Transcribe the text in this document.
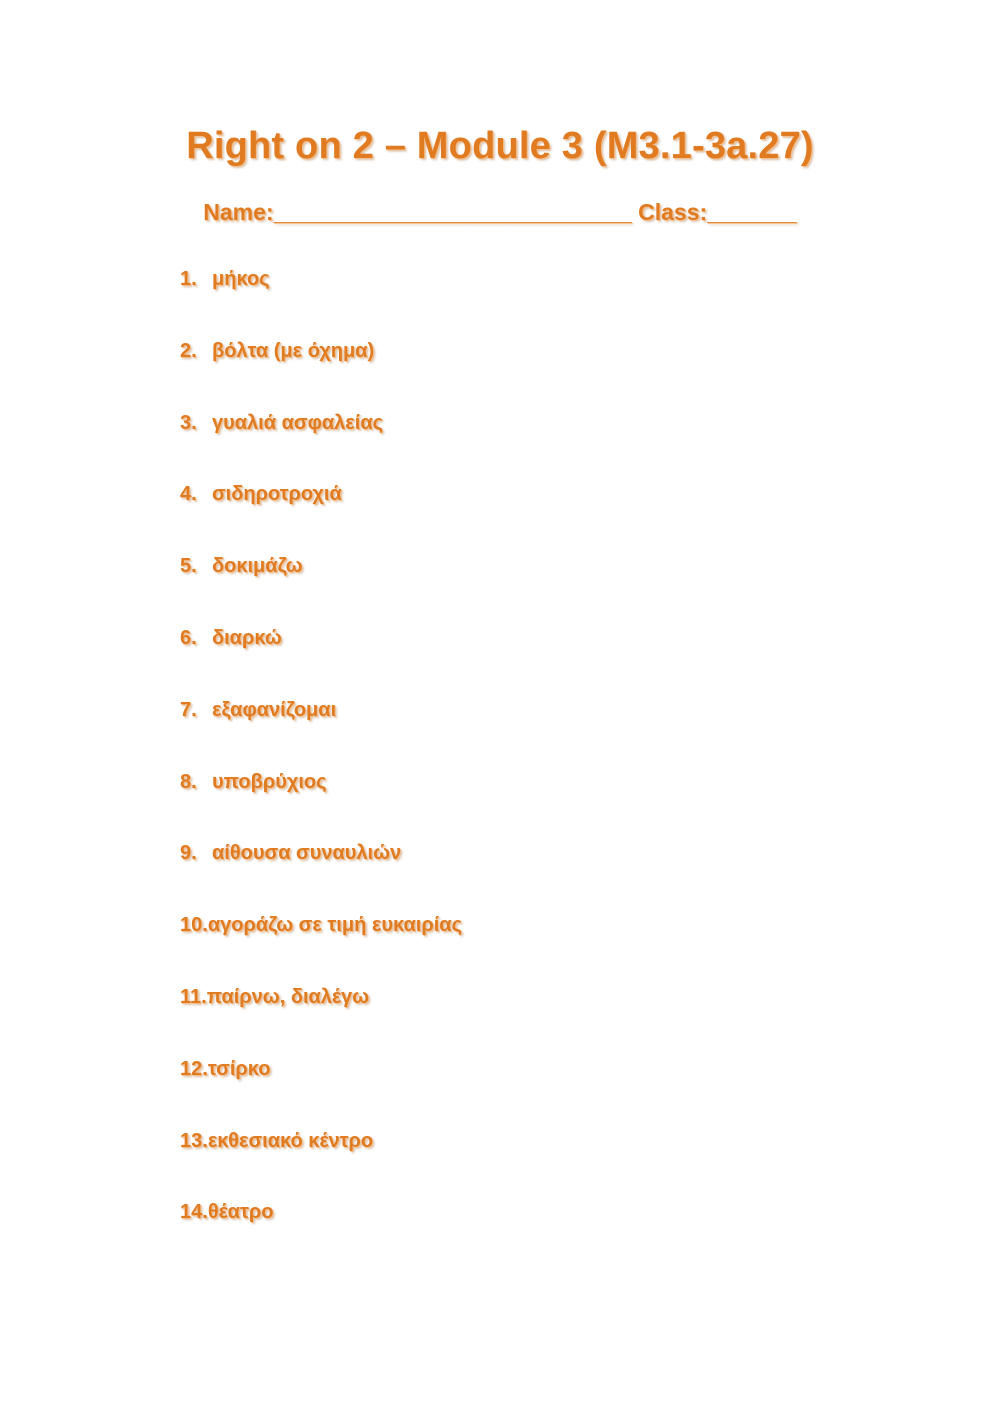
Right on 2 – Module 3 (M3.1-3a.27)
Name:____________________________ Class:_______
1. μήκος
2. βόλτα (με όχημα)
3. γυαλιά ασφαλείας
4. σιδηροτροχιά
5. δοκιμάζω
6. διαρκώ
7. εξαφανίζομαι
8. υποβρύχιος
9. αίθουσα συναυλιών
10.αγοράζω σε τιμή ευκαιρίας
11.παίρνω, διαλέγω
12.τσίρκο
13.εκθεσιακό κέντρο
14.θέατρο
